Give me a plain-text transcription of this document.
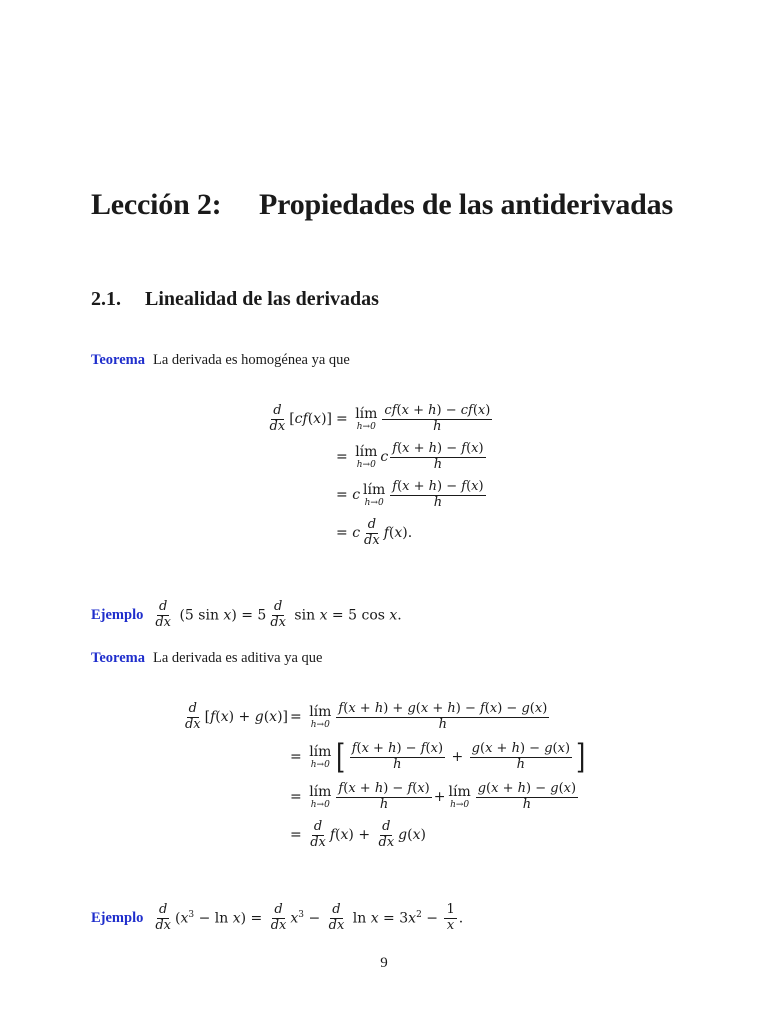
Lección 2: Propiedades de las antiderivadas
2.1. Linealidad de las derivadas
Teorema La derivada es homogénea ya que
$\frac{d}{dx} [cf(x)]$ = lím
$h\to 0 \frac{cf(x + h) - cf(x)}{h}$
= lím
h→0 c $\frac{f(x + h) - f(x)}{h}$
= c lím
$h\to 0 \frac{f(x + h) - f(x)}{h}$
= c $\frac{d}{dx} f(x)$.
Ejemplo $\frac{d}{dx} (5$ $\sin x) = 5 \frac{d}{dx}$ sin x = 5 cos x.
Teorema La derivada es aditiva ya que
$\frac{d}{dx} [f(x) + g(x)]$ = lím
$h\to 0 \frac{f(x + h) + g(x + h) - f(x) - g(x)}{h}$
= lím
h→0 [ $\frac{f(x + h) - f(x)}{h} + \frac{g(x + h) - g(x)}{h}$ ]
= lím
$h\to 0 \frac{f(x + h) - f(x)}{h}$ + lím
$h\to 0 \frac{g(x + h) - g(x)}{h}$
= $\frac{d}{dx} f(x) + \frac{d}{dx} g(x)$
Ejemplo $\frac{d}{dx} (x^3 - \ln x) = \frac{d}{dx} x^3 - \frac{d}{dx}$ $\ln x = 3x^2 - \frac{1}{x}$ .
9
